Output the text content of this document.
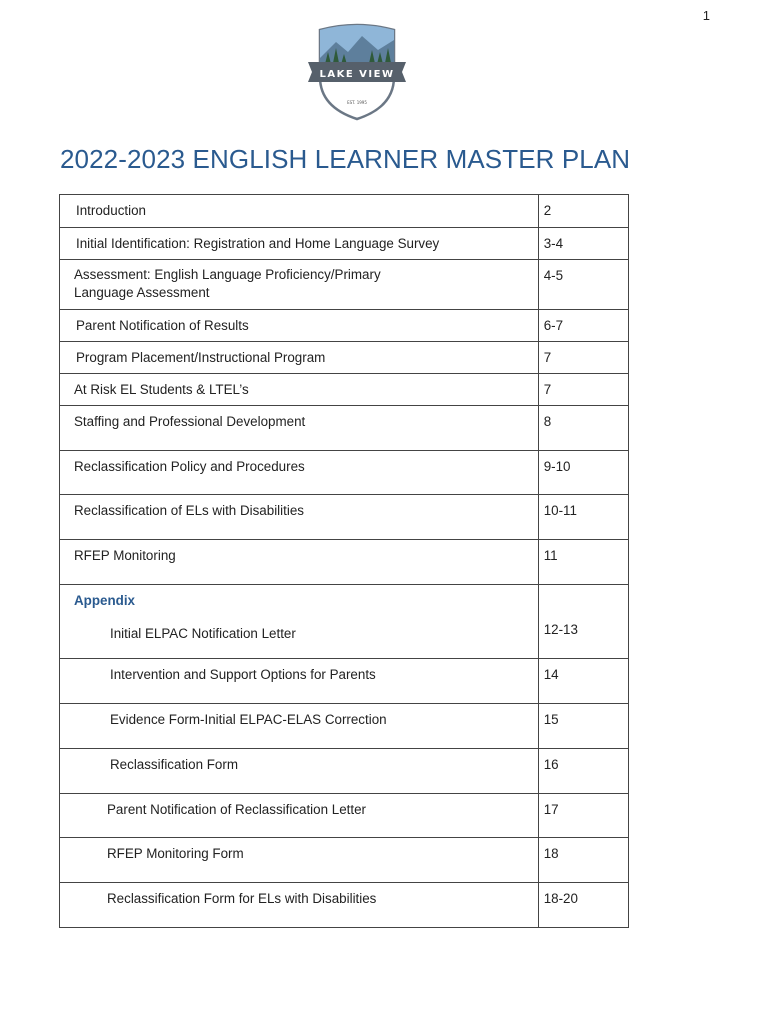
1
LAKE VIEW
EST. 1995
2022-2023 ENGLISH LEARNER MASTER PLAN
Introduction	2
Initial Identification: Registration and Home Language Survey	3-4
Assessment: English Language Proficiency/Primary Language Assessment	4-5
Parent Notification of Results	6-7
Program Placement/Instructional Program	7
At Risk EL Students & LTEL’s	7
Staffing and Professional Development	8
Reclassification Policy and Procedures	9-10
Reclassification of ELs with Disabilities	10-11
RFEP Monitoring	11

Appendix
Initial ELPAC Notification Letter	12-13
Intervention and Support Options for Parents	14
Evidence Form-Initial ELPAC-ELAS Correction	15
Reclassification Form	16
Parent Notification of Reclassification Letter	17
RFEP Monitoring Form	18
Reclassification Form for ELs with Disabilities	18-20
